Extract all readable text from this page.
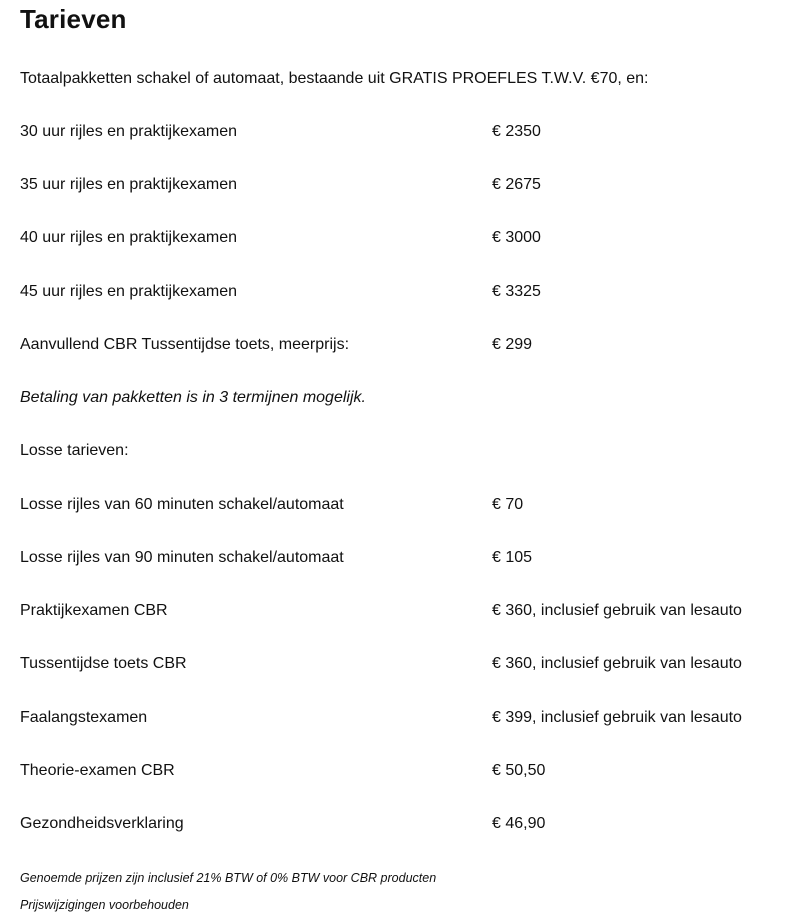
Tarieven
Totaalpakketten schakel of automaat, bestaande uit GRATIS PROEFLES T.W.V. €70, en:
30 uur rijles en praktijkexamen	€ 2350
35 uur rijles en praktijkexamen	€ 2675
40 uur rijles en praktijkexamen	€ 3000
45 uur rijles en praktijkexamen	€ 3325
Aanvullend CBR Tussentijdse toets, meerprijs:	€ 299
Betaling van pakketten is in 3 termijnen mogelijk.
Losse tarieven:
Losse rijles van 60 minuten schakel/automaat	€ 70
Losse rijles van 90 minuten schakel/automaat	€ 105
Praktijkexamen CBR	€ 360, inclusief gebruik van lesauto
Tussentijdse toets CBR	€ 360, inclusief gebruik van lesauto
Faalangstexamen	€ 399, inclusief gebruik van lesauto
Theorie-examen CBR	€ 50,50
Gezondheidsverklaring	€ 46,90
Genoemde prijzen zijn inclusief 21% BTW of 0% BTW voor CBR producten
Prijswijzigingen voorbehouden
